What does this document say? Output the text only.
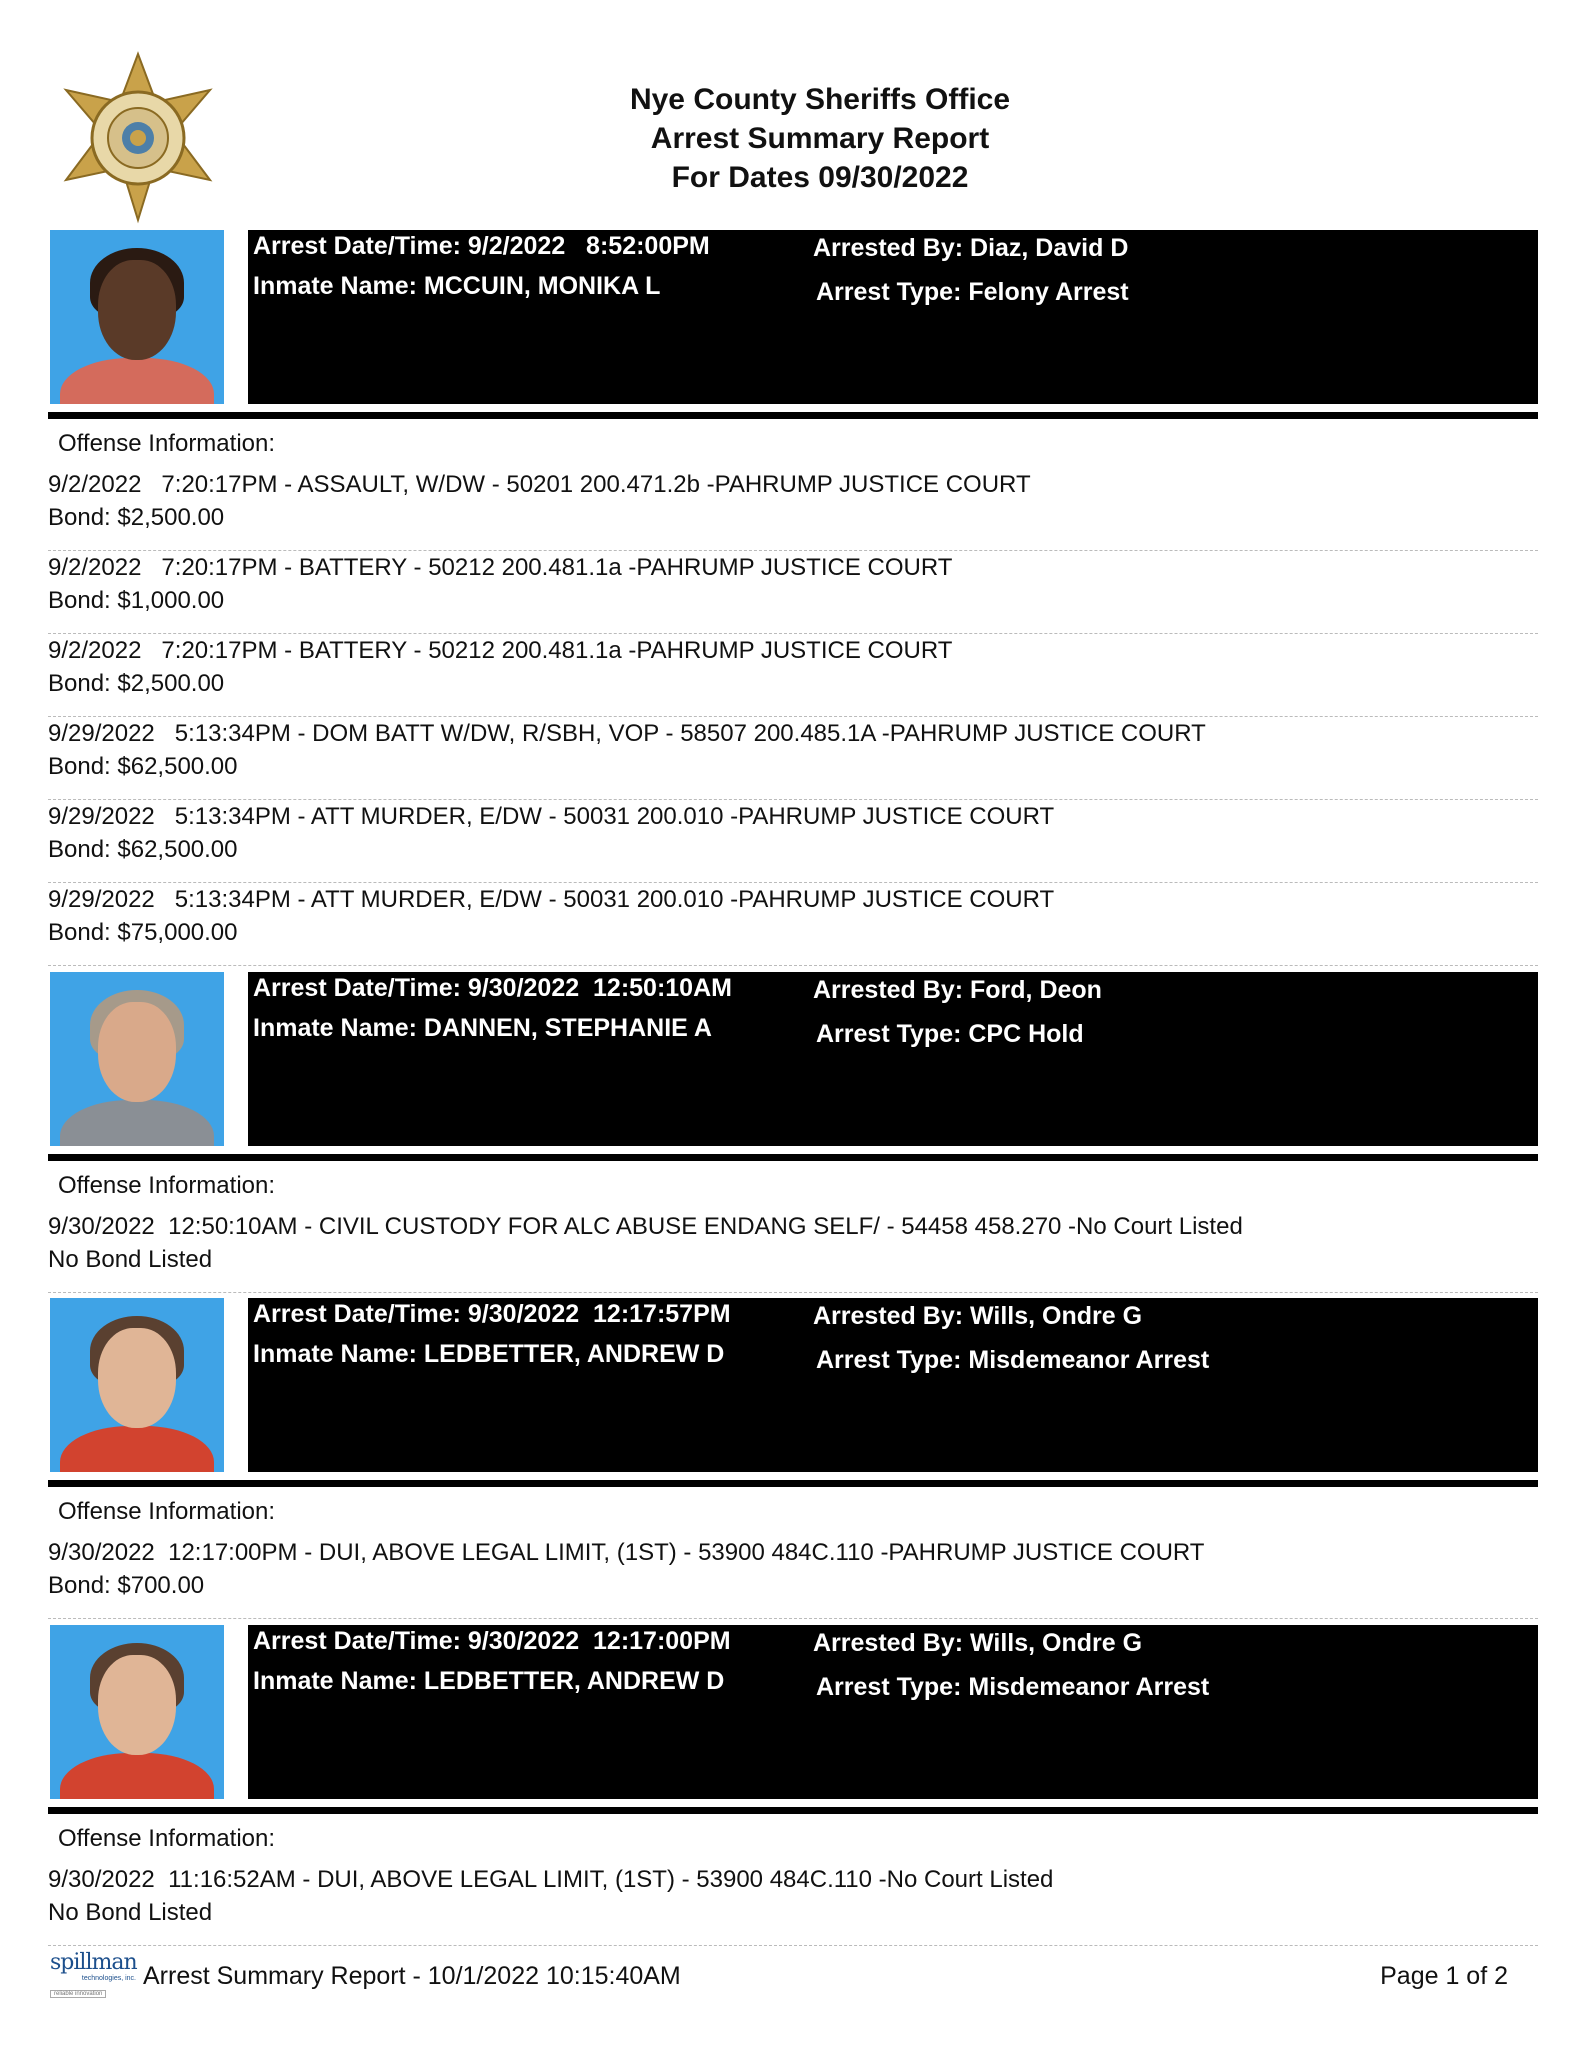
Nye County Sheriffs Office
Arrest Summary Report
For Dates 09/30/2022
Arrest Date/Time: 9/2/2022   8:52:00PM
Inmate Name: MCCUIN, MONIKA L
Arrested By: Diaz, David D
Arrest Type: Felony Arrest
Offense Information:
9/2/2022   7:20:17PM - ASSAULT, W/DW - 50201 200.471.2b -PAHRUMP JUSTICE COURT
Bond: $2,500.00
9/2/2022   7:20:17PM - BATTERY - 50212 200.481.1a -PAHRUMP JUSTICE COURT
Bond: $1,000.00
9/2/2022   7:20:17PM - BATTERY - 50212 200.481.1a -PAHRUMP JUSTICE COURT
Bond: $2,500.00
9/29/2022   5:13:34PM - DOM BATT W/DW, R/SBH, VOP - 58507 200.485.1A -PAHRUMP JUSTICE COURT
Bond: $62,500.00
9/29/2022   5:13:34PM - ATT MURDER, E/DW - 50031 200.010 -PAHRUMP JUSTICE COURT
Bond: $62,500.00
9/29/2022   5:13:34PM - ATT MURDER, E/DW - 50031 200.010 -PAHRUMP JUSTICE COURT
Bond: $75,000.00
Arrest Date/Time: 9/30/2022  12:50:10AM
Inmate Name: DANNEN, STEPHANIE A
Arrested By: Ford, Deon
Arrest Type: CPC Hold
Offense Information:
9/30/2022  12:50:10AM - CIVIL CUSTODY FOR ALC ABUSE ENDANG SELF/ - 54458 458.270 -No Court Listed
No Bond Listed
Arrest Date/Time: 9/30/2022  12:17:57PM
Inmate Name: LEDBETTER, ANDREW D
Arrested By: Wills, Ondre G
Arrest Type: Misdemeanor Arrest
Offense Information:
9/30/2022  12:17:00PM - DUI, ABOVE LEGAL LIMIT, (1ST) - 53900 484C.110 -PAHRUMP JUSTICE COURT
Bond: $700.00
Arrest Date/Time: 9/30/2022  12:17:00PM
Inmate Name: LEDBETTER, ANDREW D
Arrested By: Wills, Ondre G
Arrest Type: Misdemeanor Arrest
Offense Information:
9/30/2022  11:16:52AM - DUI, ABOVE LEGAL LIMIT, (1ST) - 53900 484C.110 -No Court Listed
No Bond Listed
spillman
technologies, inc.
reliable innovation
Arrest Summary Report - 10/1/2022 10:15:40AM	Page 1 of 2
